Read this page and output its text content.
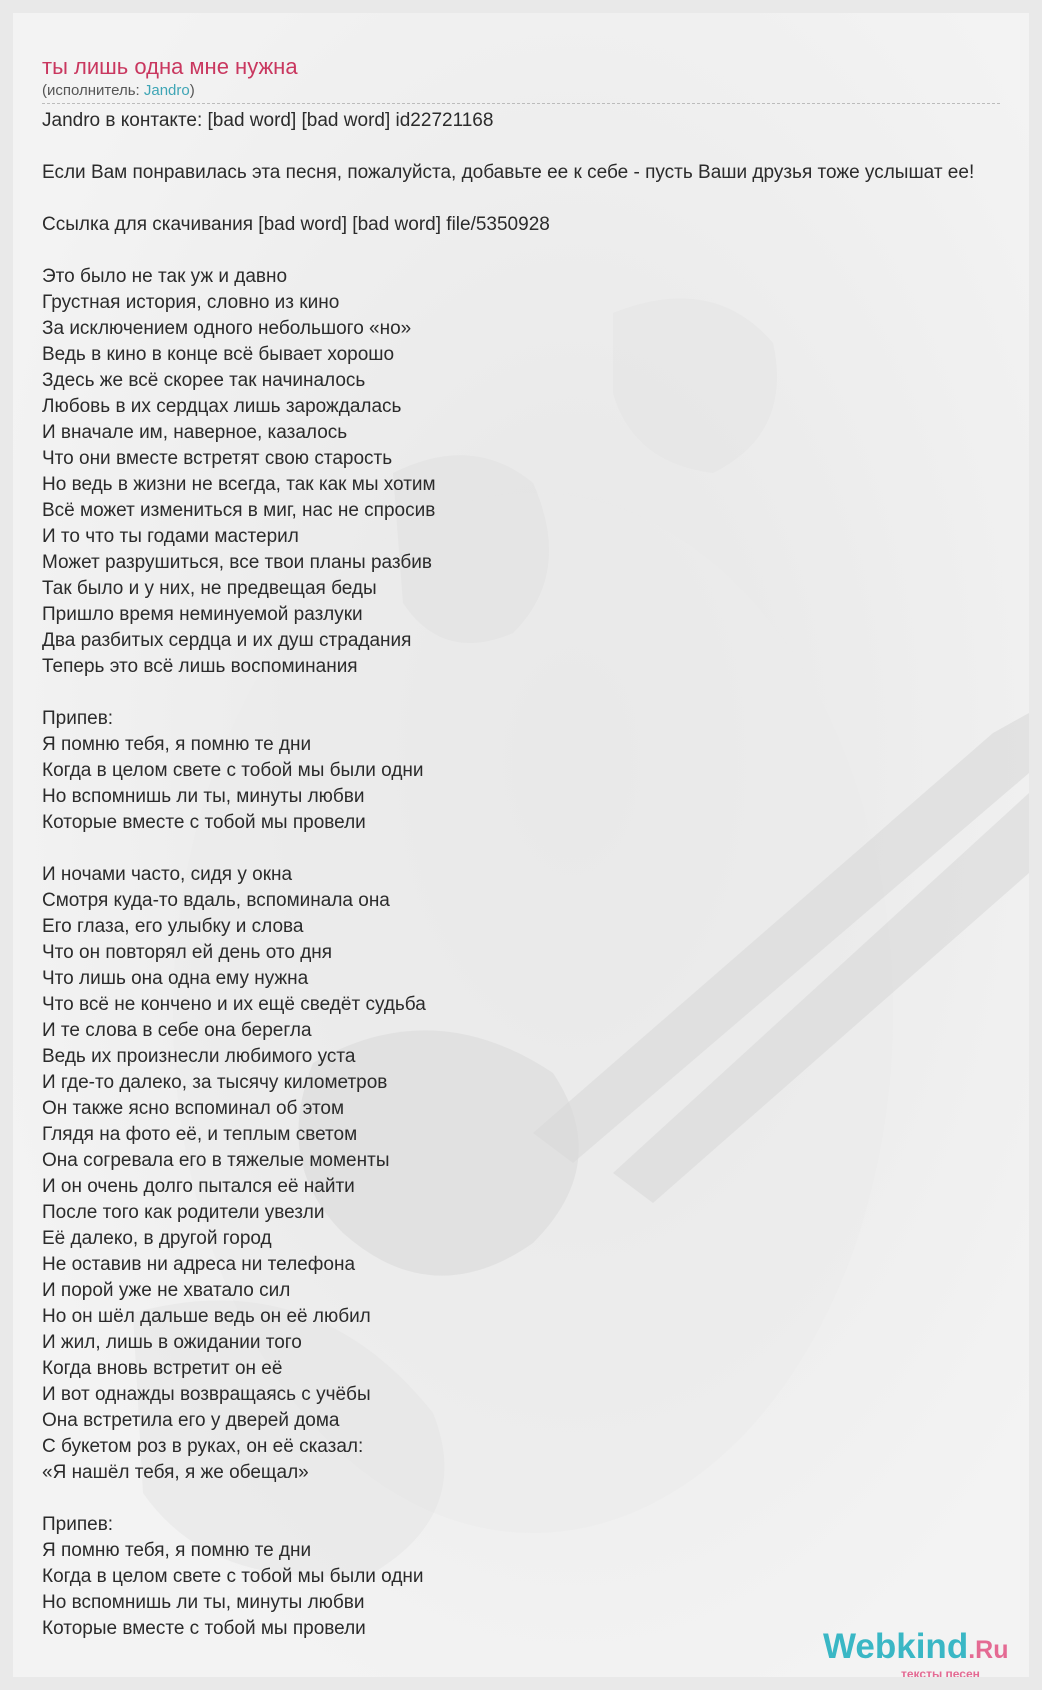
ты лишь одна мне нужна
(исполнитель: Jandro)
Jandro в контакте: [bad word] [bad word] id22721168
Если Вам понравилась эта песня, пожалуйста, добавьте ее к себе - пусть Ваши друзья тоже услышат ее!
Ссылка для скачивания [bad word] [bad word] file/5350928
Это было не так уж и давно
Грустная история, словно из кино
За исключением одного небольшого «но»
Ведь в кино в конце всё бывает хорошо
Здесь же всё скорее так начиналось
Любовь в их сердцах лишь зарождалась
И вначале им, наверное, казалось
Что они вместе встретят свою старость
Но ведь в жизни не всегда, так как мы хотим
Всё может измениться в миг, нас не спросив
И то что ты годами мастерил
Может разрушиться, все твои планы разбив
Так было и у них, не предвещая беды
Пришло время неминуемой разлуки
Два разбитых сердца и их душ страдания
Теперь это всё лишь воспоминания
Припев:
Я помню тебя, я помню те дни
Когда в целом свете с тобой мы были одни
Но вспомнишь ли ты, минуты любви
Которые вместе с тобой мы провели
И ночами часто, сидя у окна
Смотря куда-то вдаль, вспоминала она
Его глаза, его улыбку и слова
Что он повторял ей день ото дня
Что лишь она одна ему нужна
Что всё не кончено и их ещё сведёт судьба
И те слова в себе она берегла
Ведь их произнесли любимого уста
И где-то далеко, за тысячу километров
Он также ясно вспоминал об этом
Глядя на фото её, и теплым светом
Она согревала его в тяжелые моменты
И он очень долго пытался её найти
После того как родители увезли
Её далеко, в другой город
Не оставив ни адреса ни телефона
И порой уже не хватало сил
Но он шёл дальше ведь он её любил
И жил, лишь в ожидании того
Когда вновь встретит он её
И вот однажды возвращаясь с учёбы
Она встретила его у дверей дома
С букетом роз в руках, он её сказал:
«Я нашёл тебя, я же обещал»
Припев:
Я помню тебя, я помню те дни
Когда в целом свете с тобой мы были одни
Но вспомнишь ли ты, минуты любви
Которые вместе с тобой мы провели	Webkind.Ru
тексты песен
